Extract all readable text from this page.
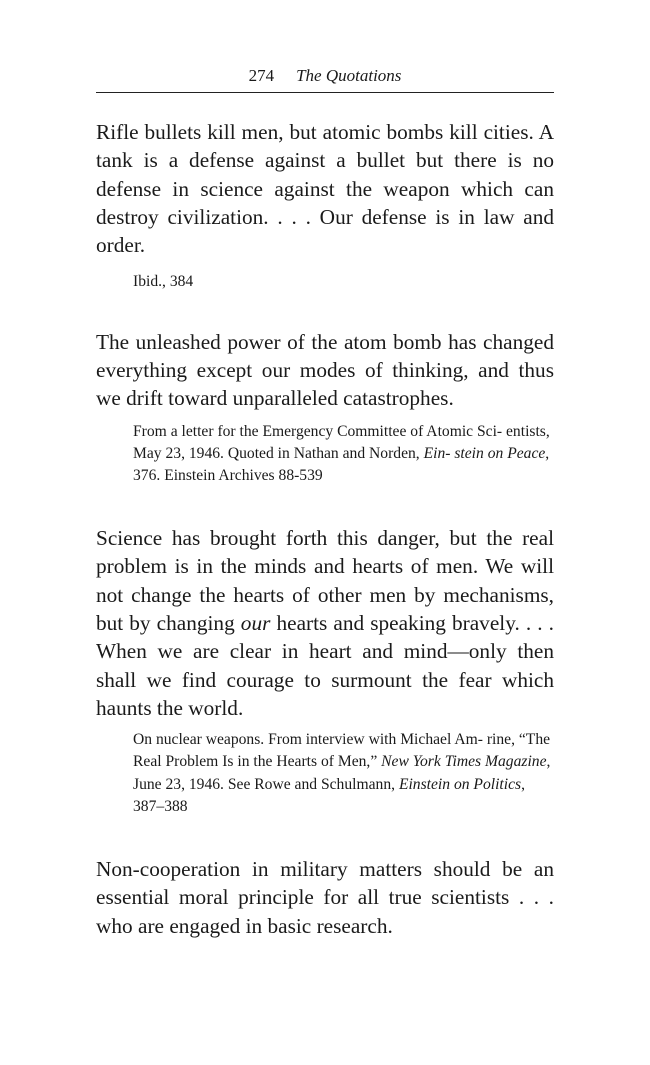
274 The Quotations

Rifle bullets kill men, but atomic bombs kill cities. A tank is a defense against a bullet but there is no defense in science against the weapon which can destroy civilization. . . . Our defense is in law and order.

Ibid., 384

The unleashed power of the atom bomb has changed everything except our modes of thinking, and thus we drift toward unparalleled catastrophes.

From a letter for the Emergency Committee of Atomic Sci- entists, May 23, 1946. Quoted in Nathan and Norden, Ein- stein on Peace, 376. Einstein Archives 88-539

Science has brought forth this danger, but the real problem is in the minds and hearts of men. We will not change the hearts of other men by mechanisms, but by changing our hearts and speaking bravely. . . . When we are clear in heart and mind—only then shall we find courage to surmount the fear which haunts the world.

On nuclear weapons. From interview with Michael Am- rine, “The Real Problem Is in the Hearts of Men,” New York Times Magazine, June 23, 1946. See Rowe and Schulmann, Einstein on Politics, 387–388

Non-cooperation in military matters should be an essential moral principle for all true scientists . . . who are engaged in basic research.
